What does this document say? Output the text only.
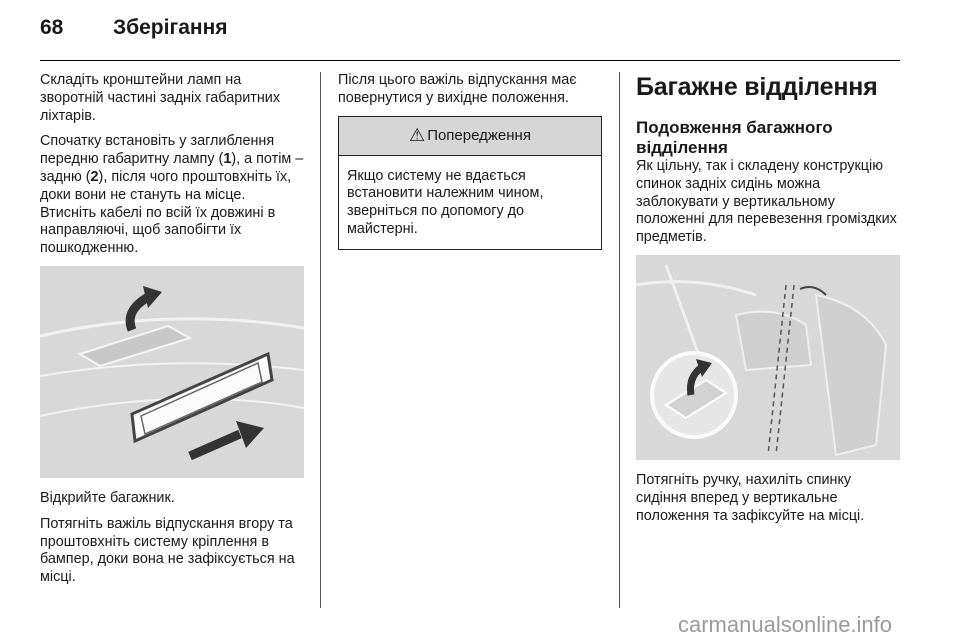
68 Зберігання

Складіть кронштейни ламп на зворотній частині задніх габаритних ліхтарів.

Спочатку встановіть у заглиблення передню габаритну лампу (1), а потім – задню (2), після чого проштовхніть їх, доки вони не стануть на місце. Втисніть кабелі по всій їх довжині в направляючі, щоб запобігти їх пошкодженню.

Відкрийте багажник.

Потягніть важіль відпускання вгору та проштовхніть систему кріплення в бампер, доки вона не зафіксується на місці.

Після цього важіль відпускання має повернутися у вихідне положення.

⚠ Попередження
Якщо систему не вдається встановити належним чином, зверніться по допомогу до майстерні.
Багажне відділення
Подовження багажного відділення

Як цільну, так і складену конструкцію спинок задніх сидінь можна заблокувати у вертикальному положенні для перевезення громіздких предметів.

Потягніть ручку, нахиліть спинку сидіння вперед у вертикальне положення та зафіксуйте на місці.

carmanualsonline.info
